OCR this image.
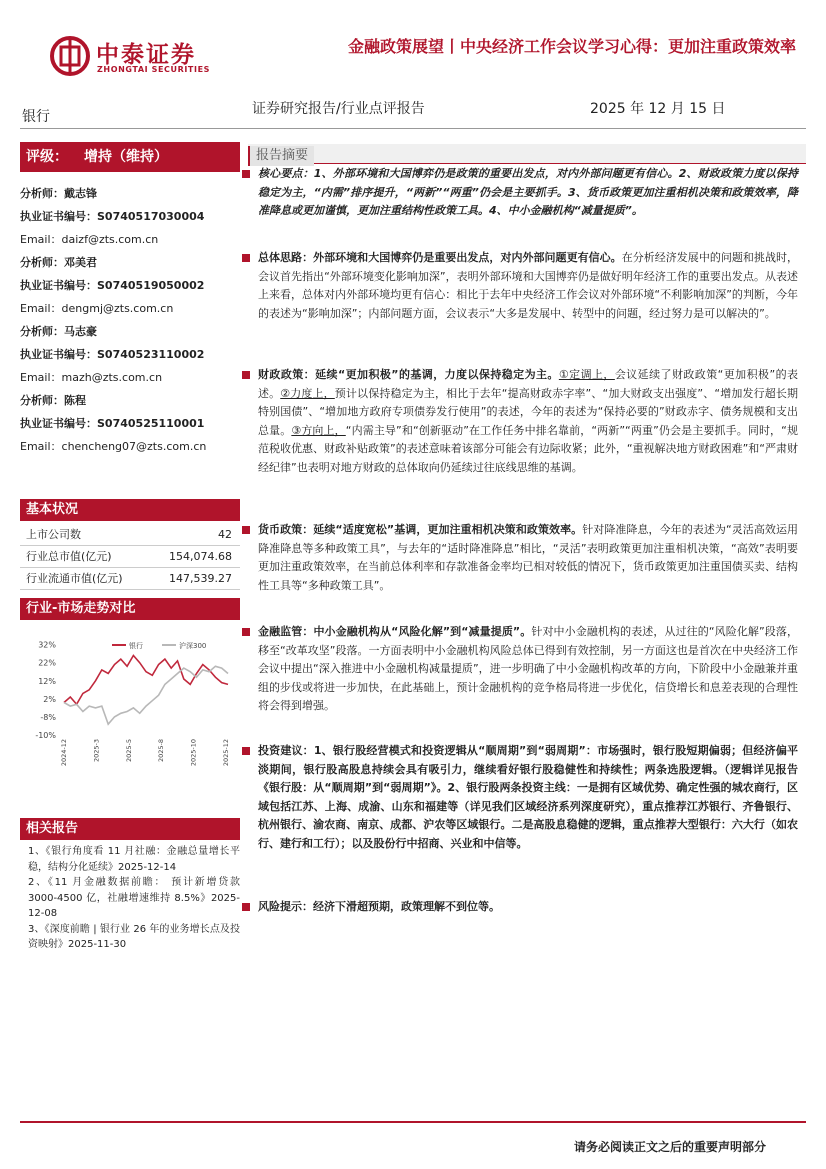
中泰证券
ZHONGTAI SECURITIES
金融政策展望丨中央经济工作会议学习心得：更加注重政策效率
银行	证券研究报告/行业点评报告	2025 年 12 月 15 日
评级： 增持（维持）
分析师：戴志锋
执业证书编号：S0740517030004
Email：daizf@zts.com.cn
分析师：邓美君
执业证书编号：S0740519050002
Email：dengmj@zts.com.cn
分析师：马志豪
执业证书编号：S0740523110002
Email：mazh@zts.com.cn
分析师：陈程
执业证书编号：S0740525110001
Email：chencheng07@zts.com.cn
基本状况
上市公司数	42
行业总市值(亿元)	154,074.68
行业流通市值(亿元)	147,539.27
行业-市场走势对比
32%
22%
12%
2%
-8%
-10%
银行	沪深300
2024-12	2025-3	2025-5	2025-8	2025-10	2025-12
相关报告
1、《银行角度看 11 月社融：金融总量增长平稳，结构分化延续》2025-12-14
2、《11 月金融数据前瞻： 预计新增贷款 3000-4500 亿，社融增速维持 8.5%》2025-12-08
3、《深度前瞻 | 银行业 26 年的业务增长点及投资映射》2025-11-30
报告摘要
核心要点：1、外部环境和大国博弈仍是政策的重要出发点，对内外部问题更有信心。2、财政政策力度以保持稳定为主，“内需”排序提升，“两新”“两重”仍会是主要抓手。3、货币政策更加注重相机决策和政策效率，降准降息或更加谨慎，更加注重结构性政策工具。4、中小金融机构“减量提质”。
总体思路：外部环境和大国博弈仍是重要出发点，对内外部问题更有信心。在分析经济发展中的问题和挑战时，会议首先指出“外部环境变化影响加深”，表明外部环境和大国博弈仍是做好明年经济工作的重要出发点。从表述上来看，总体对内外部环境均更有信心：相比于去年中央经济工作会议对外部环境“不利影响加深”的判断，今年的表述为“影响加深”；内部问题方面，会议表示“大多是发展中、转型中的问题，经过努力是可以解决的”。
财政政策：延续“更加积极”的基调，力度以保持稳定为主。①定调上，会议延续了财政政策“更加积极”的表述。②力度上，预计以保持稳定为主，相比于去年“提高财政赤字率”、“加大财政支出强度”、“增加发行超长期特别国债”、“增加地方政府专项债券发行使用”的表述，今年的表述为“保持必要的”财政赤字、债务规模和支出总量。③方向上，“内需主导”和“创新驱动”在工作任务中排名靠前，“两新”“两重”仍会是主要抓手。同时，“规范税收优惠、财政补贴政策”的表述意味着该部分可能会有边际收紧；此外，“重视解决地方财政困难”和“严肃财经纪律”也表明对地方财政的总体取向仍延续过往底线思维的基调。
货币政策：延续“适度宽松”基调，更加注重相机决策和政策效率。针对降准降息，今年的表述为“灵活高效运用降准降息等多种政策工具”，与去年的“适时降准降息”相比，“灵活”表明政策更加注重相机决策，“高效”表明要更加注重政策效率，在当前总体利率和存款准备金率均已相对较低的情况下，货币政策更加注重国债买卖、结构性工具等“多种政策工具”。
金融监管：中小金融机构从“风险化解”到“减量提质”。针对中小金融机构的表述，从过往的“风险化解”段落，移至“改革攻坚”段落。一方面表明中小金融机构风险总体已得到有效控制，另一方面这也是首次在中央经济工作会议中提出“深入推进中小金融机构减量提质”，进一步明确了中小金融机构改革的方向，下阶段中小金融兼并重组的步伐或将进一步加快，在此基础上，预计金融机构的竞争格局将进一步优化，信贷增长和息差表现的合理性将会得到增强。
投资建议：1、银行股经营模式和投资逻辑从“顺周期”到“弱周期”：市场强时，银行股短期偏弱；但经济偏平淡期间，银行股高股息持续会具有吸引力，继续看好银行股稳健性和持续性；两条选股逻辑。（逻辑详见报告《银行股：从“顺周期”到“弱周期”》。2、银行股两条投资主线：一是拥有区域优势、确定性强的城农商行，区域包括江苏、上海、成渝、山东和福建等（详见我们区域经济系列深度研究），重点推荐江苏银行、齐鲁银行、杭州银行、渝农商、南京、成都、沪农等区域银行。二是高股息稳健的逻辑，重点推荐大型银行：六大行（如农行、建行和工行）；以及股份行中招商、兴业和中信等。
风险提示：经济下滑超预期，政策理解不到位等。
请务必阅读正文之后的重要声明部分
